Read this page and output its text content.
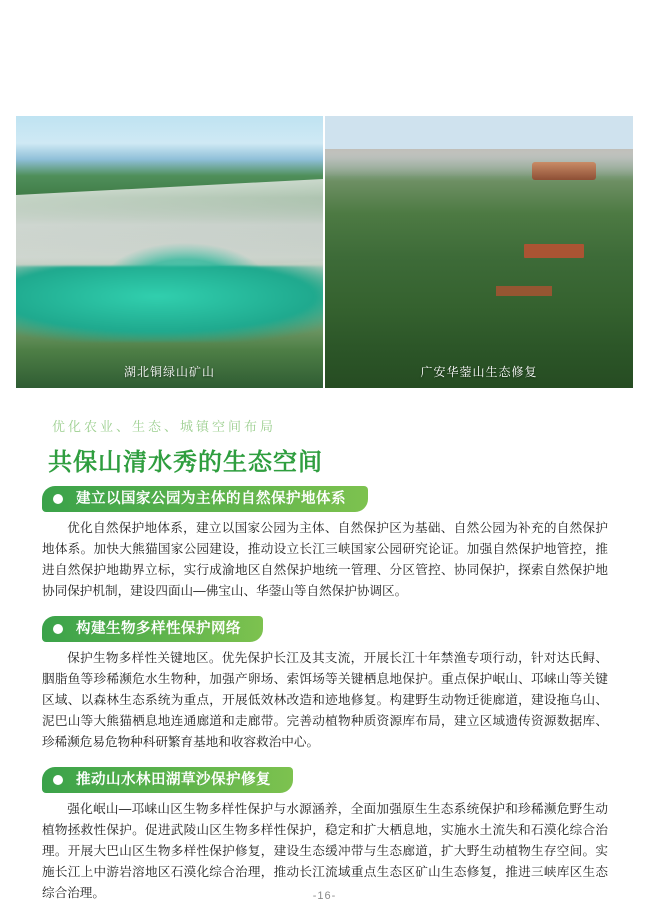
湖北铜绿山矿山	广安华蓥山生态修复
优化农业、生态、城镇空间布局
共保山清水秀的生态空间
建立以国家公园为主体的自然保护地体系
优化自然保护地体系，建立以国家公园为主体、自然保护区为基础、自然公园为补充的自然保护地体系。加快大熊猫国家公园建设，推动设立长江三峡国家公园研究论证。加强自然保护地管控，推进自然保护地勘界立标，实行成渝地区自然保护地统一管理、分区管控、协同保护，探索自然保护地协同保护机制，建设四面山—佛宝山、华蓥山等自然保护协调区。
构建生物多样性保护网络
保护生物多样性关键地区。优先保护长江及其支流，开展长江十年禁渔专项行动，针对达氏鲟、胭脂鱼等珍稀濒危水生物种，加强产卵场、索饵场等关键栖息地保护。重点保护岷山、邛崃山等关键区域、以森林生态系统为重点，开展低效林改造和迹地修复。构建野生动物迁徙廊道，建设拖乌山、泥巴山等大熊猫栖息地连通廊道和走廊带。完善动植物种质资源库布局，建立区域遗传资源数据库、珍稀濒危易危物种科研繁育基地和收容救治中心。
推动山水林田湖草沙保护修复
强化岷山—邛崃山区生物多样性保护与水源涵养，全面加强原生生态系统保护和珍稀濒危野生动植物拯救性保护。促进武陵山区生物多样性保护，稳定和扩大栖息地，实施水土流失和石漠化综合治理。开展大巴山区生物多样性保护修复，建设生态缓冲带与生态廊道，扩大野生动植物生存空间。实施长江上中游岩溶地区石漠化综合治理，推动长江流域重点生态区矿山生态修复，推进三峡库区生态综合治理。	-16-
